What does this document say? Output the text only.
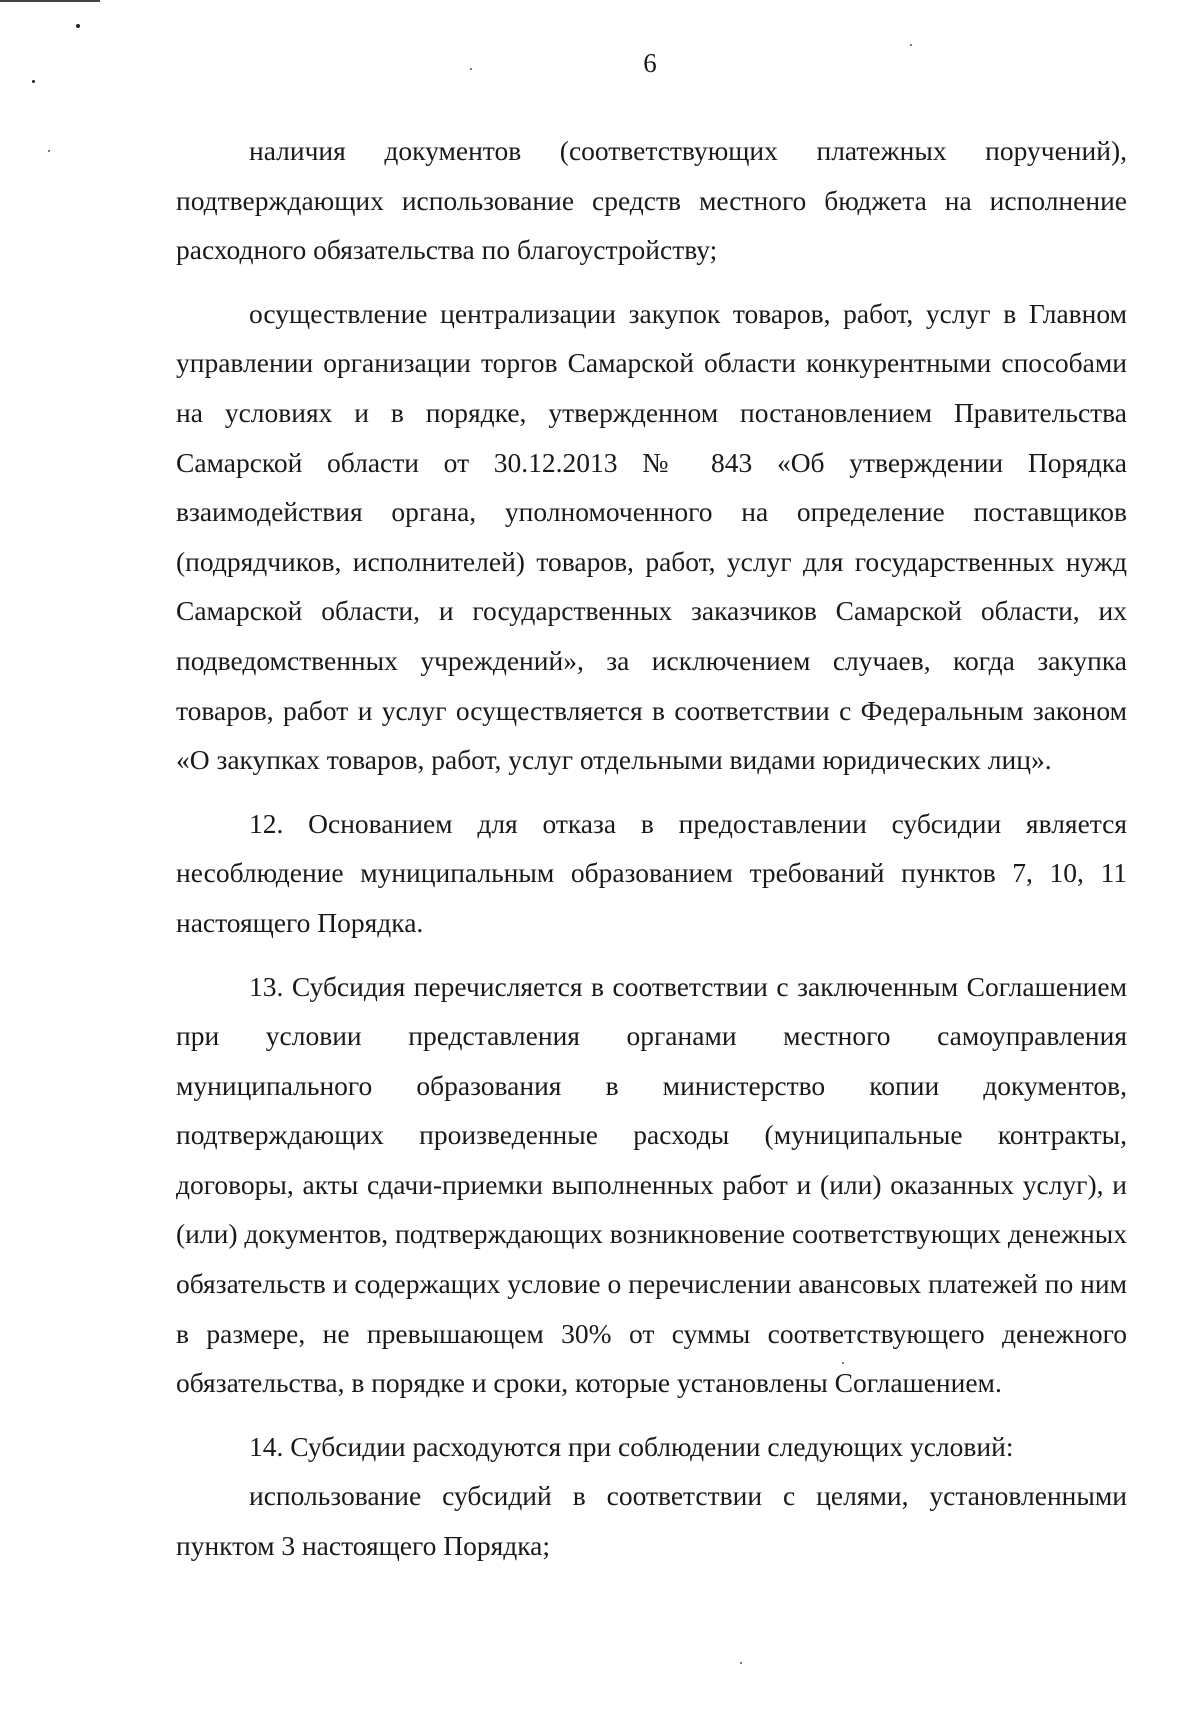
6

наличия документов (соответствующих платежных поручений), подтверждающих использование средств местного бюджета на исполнение расходного обязательства по благоустройству;

осуществление централизации закупок товаров, работ, услуг в Главном управлении организации торгов Самарской области конкурентными способами на условиях и в порядке, утвержденном постановлением Правительства Самарской области от 30.12.2013 № 843 «Об утверждении Порядка взаимодействия органа, уполномоченного на определение поставщиков (подрядчиков, исполнителей) товаров, работ, услуг для государственных нужд Самарской области, и государственных заказчиков Самарской области, их подведомственных учреждений», за исключением случаев, когда закупка товаров, работ и услуг осуществляется в соответствии с Федеральным законом «О закупках товаров, работ, услуг отдельными видами юридических лиц».

12. Основанием для отказа в предоставлении субсидии является несоблюдение муниципальным образованием требований пунктов 7, 10, 11 настоящего Порядка.

13. Субсидия перечисляется в соответствии с заключенным Соглашением при условии представления органами местного самоуправления муниципального образования в министерство копии документов, подтверждающих произведенные расходы (муниципальные контракты, договоры, акты сдачи-приемки выполненных работ и (или) оказанных услуг), и (или) документов, подтверждающих возникновение соответствующих денежных обязательств и содержащих условие о перечислении авансовых платежей по ним в размере, не превышающем 30% от суммы соответствующего денежного обязательства, в порядке и сроки, которые установлены Соглашением.

14. Субсидии расходуются при соблюдении следующих условий:

использование субсидий в соответствии с целями, установленными пунктом 3 настоящего Порядка;
